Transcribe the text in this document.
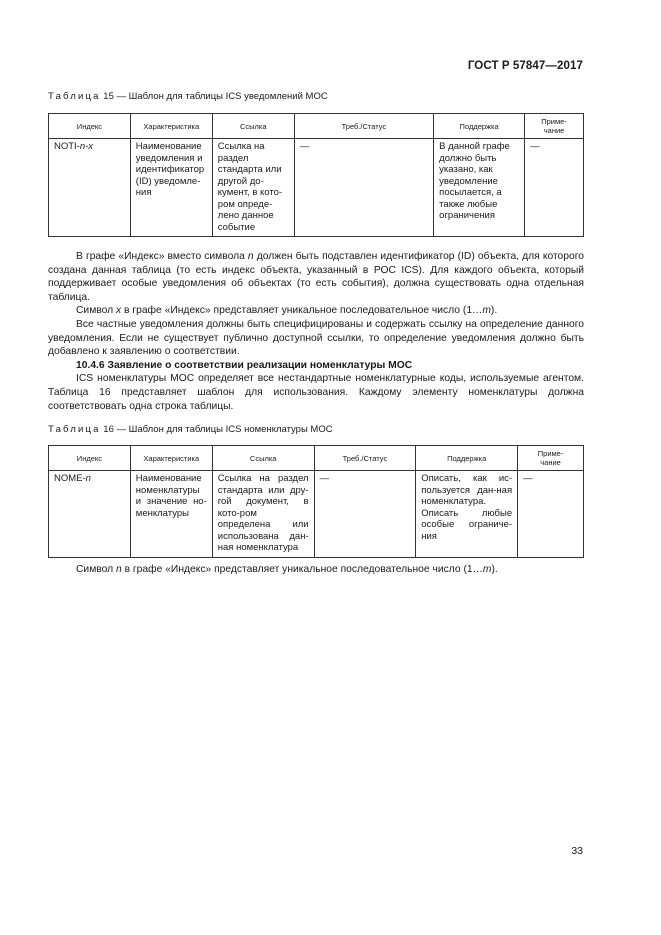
ГОСТ Р 57847—2017
Таблица 15 — Шаблон для таблицы ICS уведомлений МОС
Индекс	Характеристика	Ссылка	Треб./Статус	Поддержка	Приме-
чание
NOTI-n-x	Наименование уведомления и идентификатор (ID) уведомле-ния	Ссылка на раздел стандарта или другой до-кумент, в кото-ром опреде-лено данное событие	—	В данной графе должно быть указано, как уведомление посылается, а также любые ограничения	—

В графе «Индекс» вместо символа n должен быть подставлен идентификатор (ID) объекта, для которого создана данная таблица (то есть индекс объекта, указанный в РОС ICS). Для каждого объекта, который поддерживает особые уведомления об объектах (то есть события), должна существовать одна отдельная таблица.

Символ x в графе «Индекс» представляет уникальное последовательное число (1…m).

Все частные уведомления должны быть специфицированы и содержать ссылку на определение данного уведомления. Если не существует публично доступной ссылки, то определение уведомления должно быть добавлено к заявлению о соответствии.

10.4.6 Заявление о соответствии реализации номенклатуры МОС

ICS номенклатуры МОС определяет все нестандартные номенклатурные коды, используемые агентом. Таблица 16 представляет шаблон для использования. Каждому элементу номенклатуры должна соответствовать одна строка таблицы.

Таблица 16 — Шаблон для таблицы ICS номенклатуры МОС
Индекс	Характеристика	Ссылка	Треб./Статус	Поддержка	Приме-
чание
NOME-n	Наименование номенклатуры и значение но-менклатуры	Ссылка на раздел стандарта или дру-гой документ, в кото-ром определена или использована дан-ная номенклатура	—	Описать, как ис-пользуется дан-ная номенклатура. Описать любые особые ограниче-ния	—

Символ n в графе «Индекс» представляет уникальное последовательное число (1…m).

33
